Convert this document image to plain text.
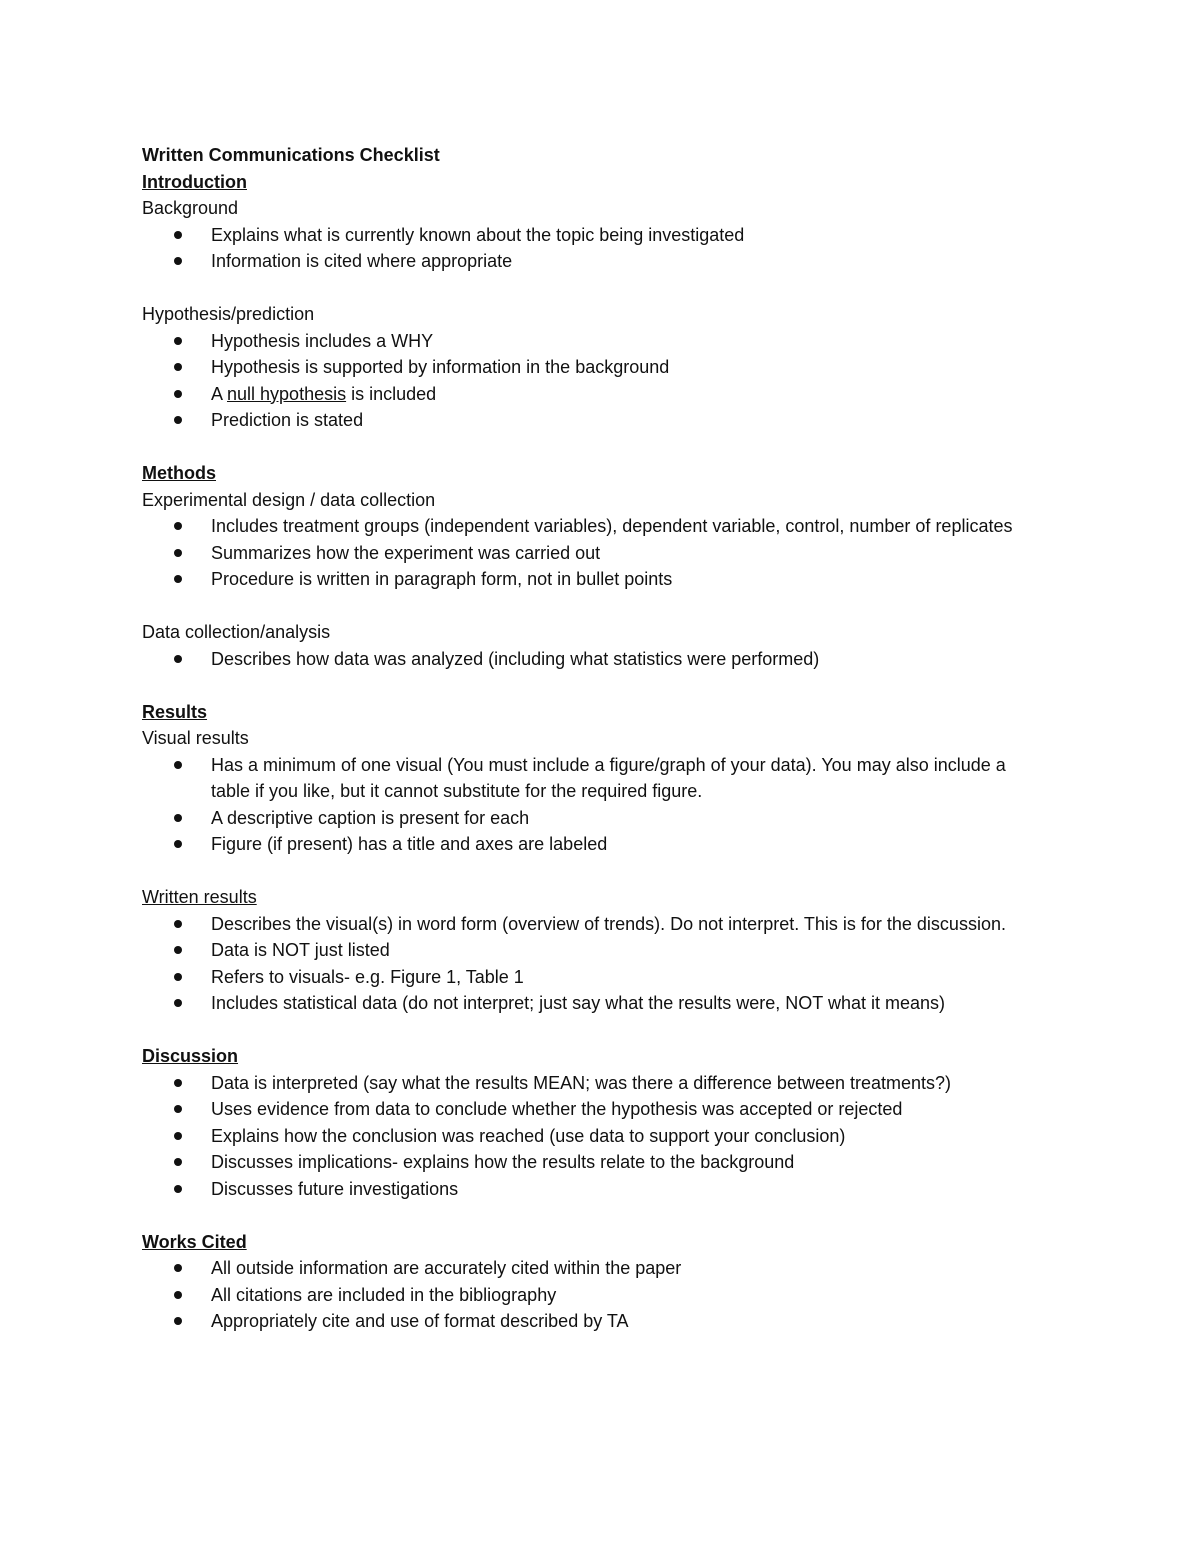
Written Communications Checklist

Introduction

Background

Explains what is currently known about the topic being investigated
Information is cited where appropriate

Hypothesis/prediction

Hypothesis includes a WHY
Hypothesis is supported by information in the background
A null hypothesis is included
Prediction is stated

Methods

Experimental design / data collection

Includes treatment groups (independent variables), dependent variable, control, number of replicates
Summarizes how the experiment was carried out
Procedure is written in paragraph form, not in bullet points

Data collection/analysis

Describes how data was analyzed (including what statistics were performed)

Results

Visual results

Has a minimum of one visual (You must include a figure/graph of your data). You may also include a table if you like, but it cannot substitute for the required figure.
A descriptive caption is present for each
Figure (if present) has a title and axes are labeled

Written results

Describes the visual(s) in word form (overview of trends). Do not interpret. This is for the discussion.
Data is NOT just listed
Refers to visuals- e.g. Figure 1, Table 1
Includes statistical data (do not interpret; just say what the results were, NOT what it means)

Discussion

Data is interpreted (say what the results MEAN; was there a difference between treatments?)
Uses evidence from data to conclude whether the hypothesis was accepted or rejected
Explains how the conclusion was reached (use data to support your conclusion)
Discusses implications- explains how the results relate to the background
Discusses future investigations

Works Cited

All outside information are accurately cited within the paper
All citations are included in the bibliography
Appropriately cite and use of format described by TA
